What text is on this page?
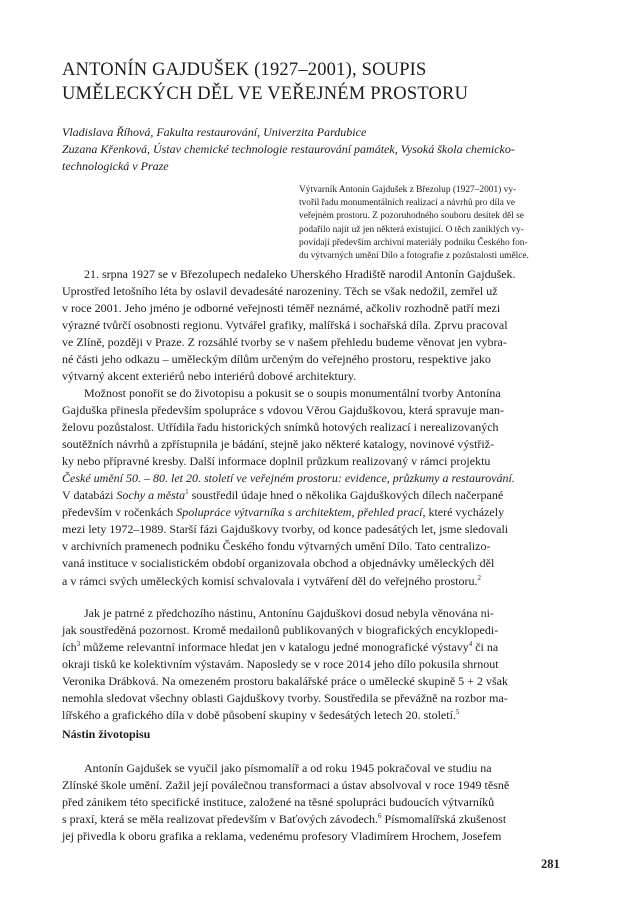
ANTONÍN GAJDUŠEK (1927–2001), SOUPIS
UMĚLECKÝCH DĚL VE VEŘEJNÉM PROSTORU
Vladislava Říhová, Fakulta restaurování, Univerzita Pardubice
Zuzana Křenková, Ústav chemické technologie restaurování památek, Vysoká škola chemicko-
technologická v Praze
Výtvarník Antonín Gajdušek z Březolup (1927–2001) vy-
tvořil řadu monumentálních realizací a návrhů pro díla ve
veřejném prostoru. Z pozoruhodného souboru desítek děl se
podařilo najít už jen některá existující. O těch zaniklých vy-
povídají především archivní materiály podniku Českého fon-
du výtvarných umění Dílo a fotografie z pozůstalosti umělce.
21. srpna 1927 se v Březolupech nedaleko Uherského Hradiště narodil Antonín Gajdušek.
Uprostřed letošního léta by oslavil devadesáté narozeniny. Těch se však nedožil, zemřel už
v roce 2001. Jeho jméno je odborné veřejnosti téměř neznámé, ačkoliv rozhodně patří mezi
výrazné tvůrčí osobnosti regionu. Vytvářel grafiky, malířská i sochařská díla. Zprvu pracoval
ve Zlíně, později v Praze. Z rozsáhlé tvorby se v našem přehledu budeme věnovat jen vybra-
né části jeho odkazu – uměleckým dílům určeným do veřejného prostoru, respektive jako
výtvarný akcent exteriérů nebo interiérů dobové architektury.
Možnost ponořit se do životopisu a pokusit se o soupis monumentální tvorby Antonína
Gajduška přinesla především spolupráce s vdovou Věrou Gajduškovou, která spravuje man-
želovu pozůstalost. Utřídila řadu historických snímků hotových realizací i nerealizovaných
soutěžních návrhů a zpřístupnila je bádání, stejně jako některé katalogy, novinové výstřiž-
ky nebo přípravné kresby. Další informace doplnil průzkum realizovaný v rámci projektu
České umění 50. – 80. let 20. století ve veřejném prostoru: evidence, průzkumy a restaurování.
V databázi Sochy a města$^1$ soustředil údaje hned o několika Gajduškových dílech načerpané
především v ročenkách Spolupráce výtvarníka s architektem, přehled prací, které vycházely
mezi lety 1972–1989. Starší fázi Gajduškovy tvorby, od konce padesátých let, jsme sledovali
v archivních pramenech podniku Českého fondu výtvarných umění Dílo. Tato centralizo-
vaná instituce v socialistickém období organizovala obchod a objednávky uměleckých děl
a v rámci svých uměleckých komisí schvalovala i vytváření děl do veřejného prostoru.$^2$
Jak je patrné z předchozího nástinu, Antonínu Gajduškovi dosud nebyla věnována ni-
jak soustředěná pozornost. Kromě medailonů publikovaných v biografických encyklopedi-
ích$^3$ můžeme relevantní informace hledat jen v katalogu jedné monografické výstavy$^4$ či na
okraji tisků ke kolektivním výstavám. Naposledy se v roce 2014 jeho dílo pokusila shrnout
Veronika Drábková. Na omezeném prostoru bakalářské práce o umělecké skupině 5 + 2 však
nemohla sledovat všechny oblasti Gajduškovy tvorby. Soustředila se převážně na rozbor ma-
lířského a grafického díla v době působení skupiny v šedesátých letech 20. století.$^5$
Nástin životopisu
Antonín Gajdušek se vyučil jako písmomalíř a od roku 1945 pokračoval ve studiu na
Zlínské škole umění. Zažil její poválečnou transformaci a ústav absolvoval v roce 1949 těsně
před zánikem této specifické instituce, založené na těsné spolupráci budoucích výtvarníků
s praxí, která se měla realizovat především v Baťových závodech.$^6$ Písmomalířská zkušenost
jej přivedla k oboru grafika a reklama, vedenému profesory Vladimírem Hrochem, Josefem
281
